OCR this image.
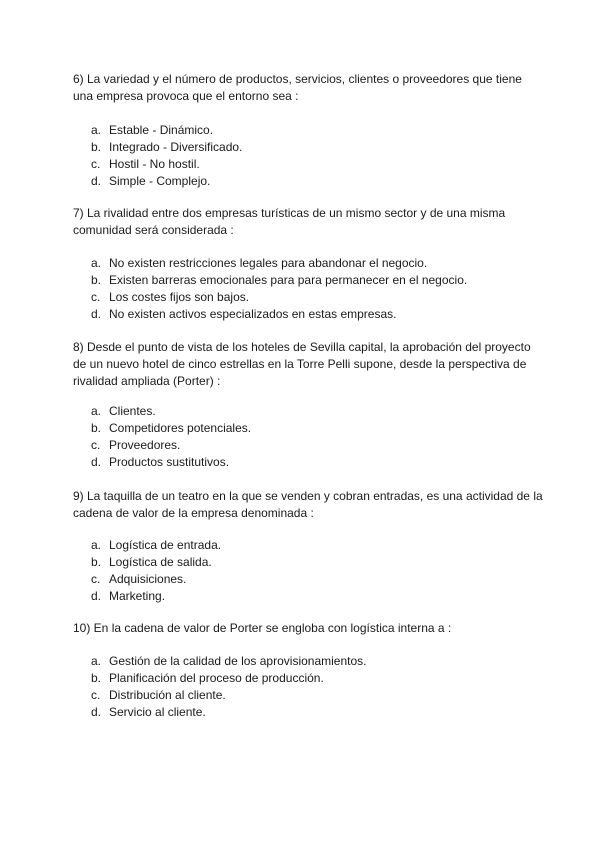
6) La variedad y el número de productos, servicios, clientes o proveedores que tiene una empresa provoca que el entorno sea :

a. Estable - Dinámico.
b. Integrado - Diversificado.
c. Hostil - No hostil.
d. Simple - Complejo.

7) La rivalidad entre dos empresas turísticas de un mismo sector y de una misma comunidad será considerada :

a. No existen restricciones legales para abandonar el negocio.
b. Existen barreras emocionales para para permanecer en el negocio.
c. Los costes fijos son bajos.
d. No existen activos especializados en estas empresas.

8) Desde el punto de vista de los hoteles de Sevilla capital, la aprobación del proyecto de un nuevo hotel de cinco estrellas en la Torre Pelli supone, desde la perspectiva de rivalidad ampliada (Porter) :

a. Clientes.
b. Competidores potenciales.
c. Proveedores.
d. Productos sustitutivos.

9) La taquilla de un teatro en la que se venden y cobran entradas, es una actividad de la cadena de valor de la empresa denominada :

a. Logística de entrada.
b. Logística de salida.
c. Adquisiciones.
d. Marketing.

10) En la cadena de valor de Porter se engloba con logística interna a :

a. Gestión de la calidad de los aprovisionamientos.
b. Planificación del proceso de producción.
c. Distribución al cliente.
d. Servicio al cliente.
